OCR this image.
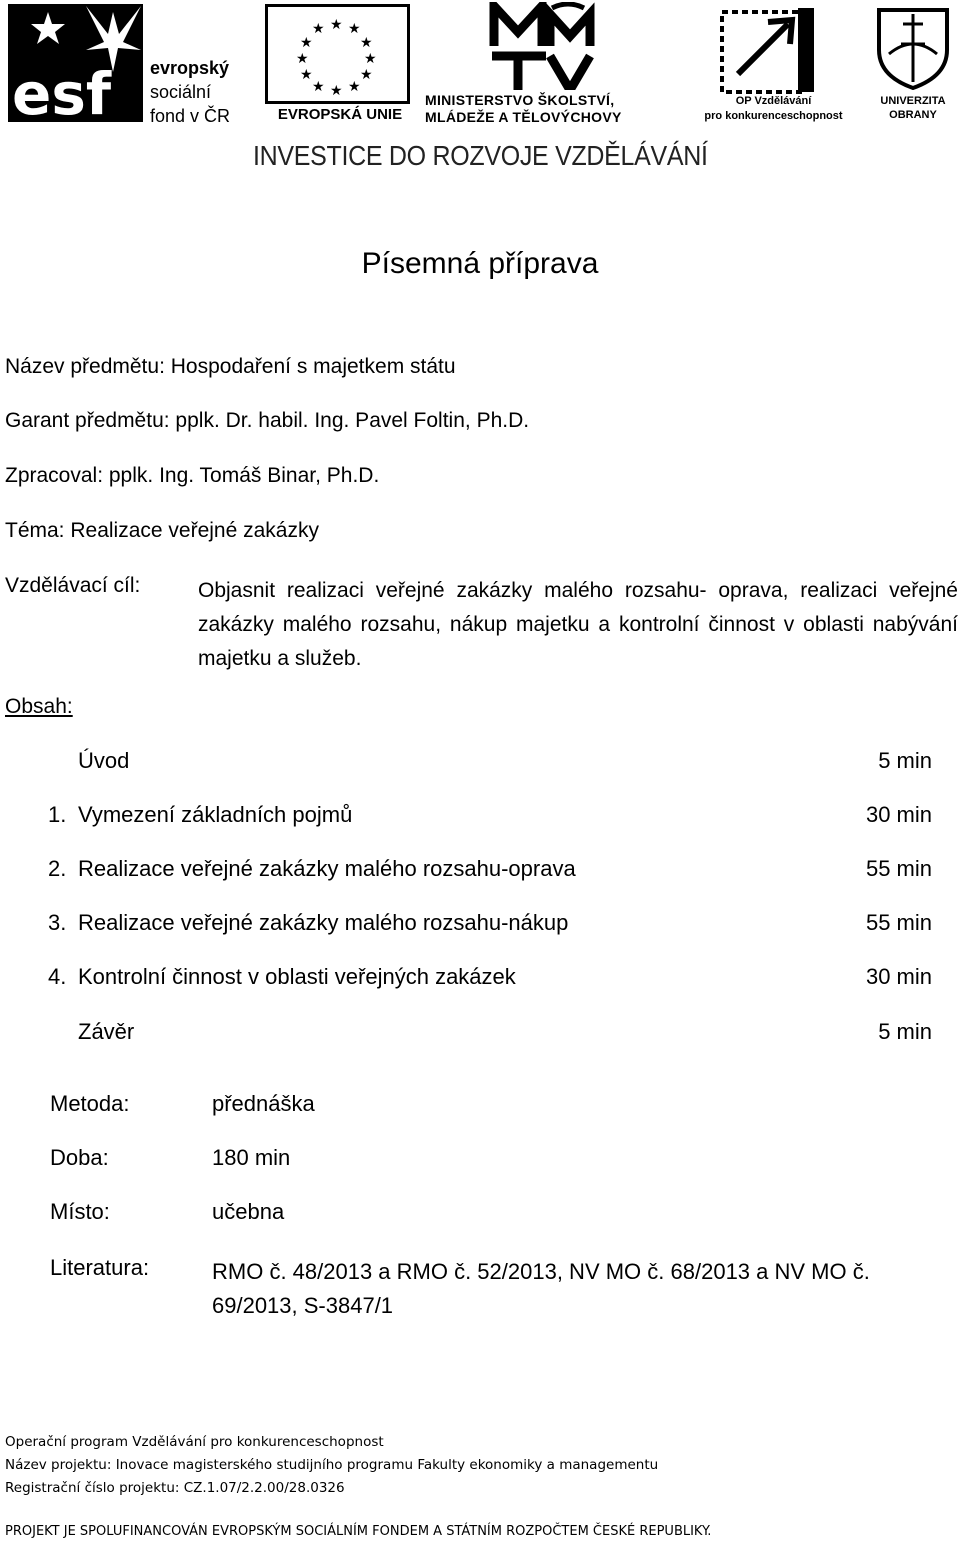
esf evropský
sociální
fond v ČR
★ ★
★
★
★
★
★
★
★
★
★
★
EVROPSKÁ UNIE
MINISTERSTVO ŠKOLSTVÍ,
MLÁDEŽE A TĚLOVÝCHOVY
OP Vzdělávání
pro konkurenceschopnost
UNIVERZITA
OBRANY
INVESTICE DO ROZVOJE VZDĚLÁVÁNÍ
Písemná příprava
Název předmětu: Hospodaření s majetkem státu
Garant předmětu: pplk. Dr. habil. Ing. Pavel Foltin, Ph.D.
Zpracoval: pplk. Ing. Tomáš Binar, Ph.D.
Téma: Realizace veřejné zakázky
Vzdělávací cíl:	Objasnit realizaci veřejné zakázky malého rozsahu- oprava, realizaci veřejné zakázky malého rozsahu, nákup majetku a kontrolní činnost v oblasti nabývání majetku a služeb.
Obsah:
Úvod	5 min
1. Vymezení základních pojmů	30 min
2. Realizace veřejné zakázky malého rozsahu-oprava	55 min
3. Realizace veřejné zakázky malého rozsahu-nákup	55 min
4. Kontrolní činnost v oblasti veřejných zakázek	30 min
Závěr	5 min
Metoda:	přednáška
Doba:	180 min
Místo:	učebna
Literatura:	RMO č. 48/2013 a RMO č. 52/2013, NV MO č. 68/2013 a NV MO č. 69/2013, S-3847/1
Operační program Vzdělávání pro konkurenceschopnost
Název projektu: Inovace magisterského studijního programu Fakulty ekonomiky a managementu
Registrační číslo projektu: CZ.1.07/2.2.00/28.0326
PROJEKT JE SPOLUFINANCOVÁN EVROPSKÝM SOCIÁLNÍM FONDEM A STÁTNÍM ROZPOČTEM ČESKÉ REPUBLIKY.
